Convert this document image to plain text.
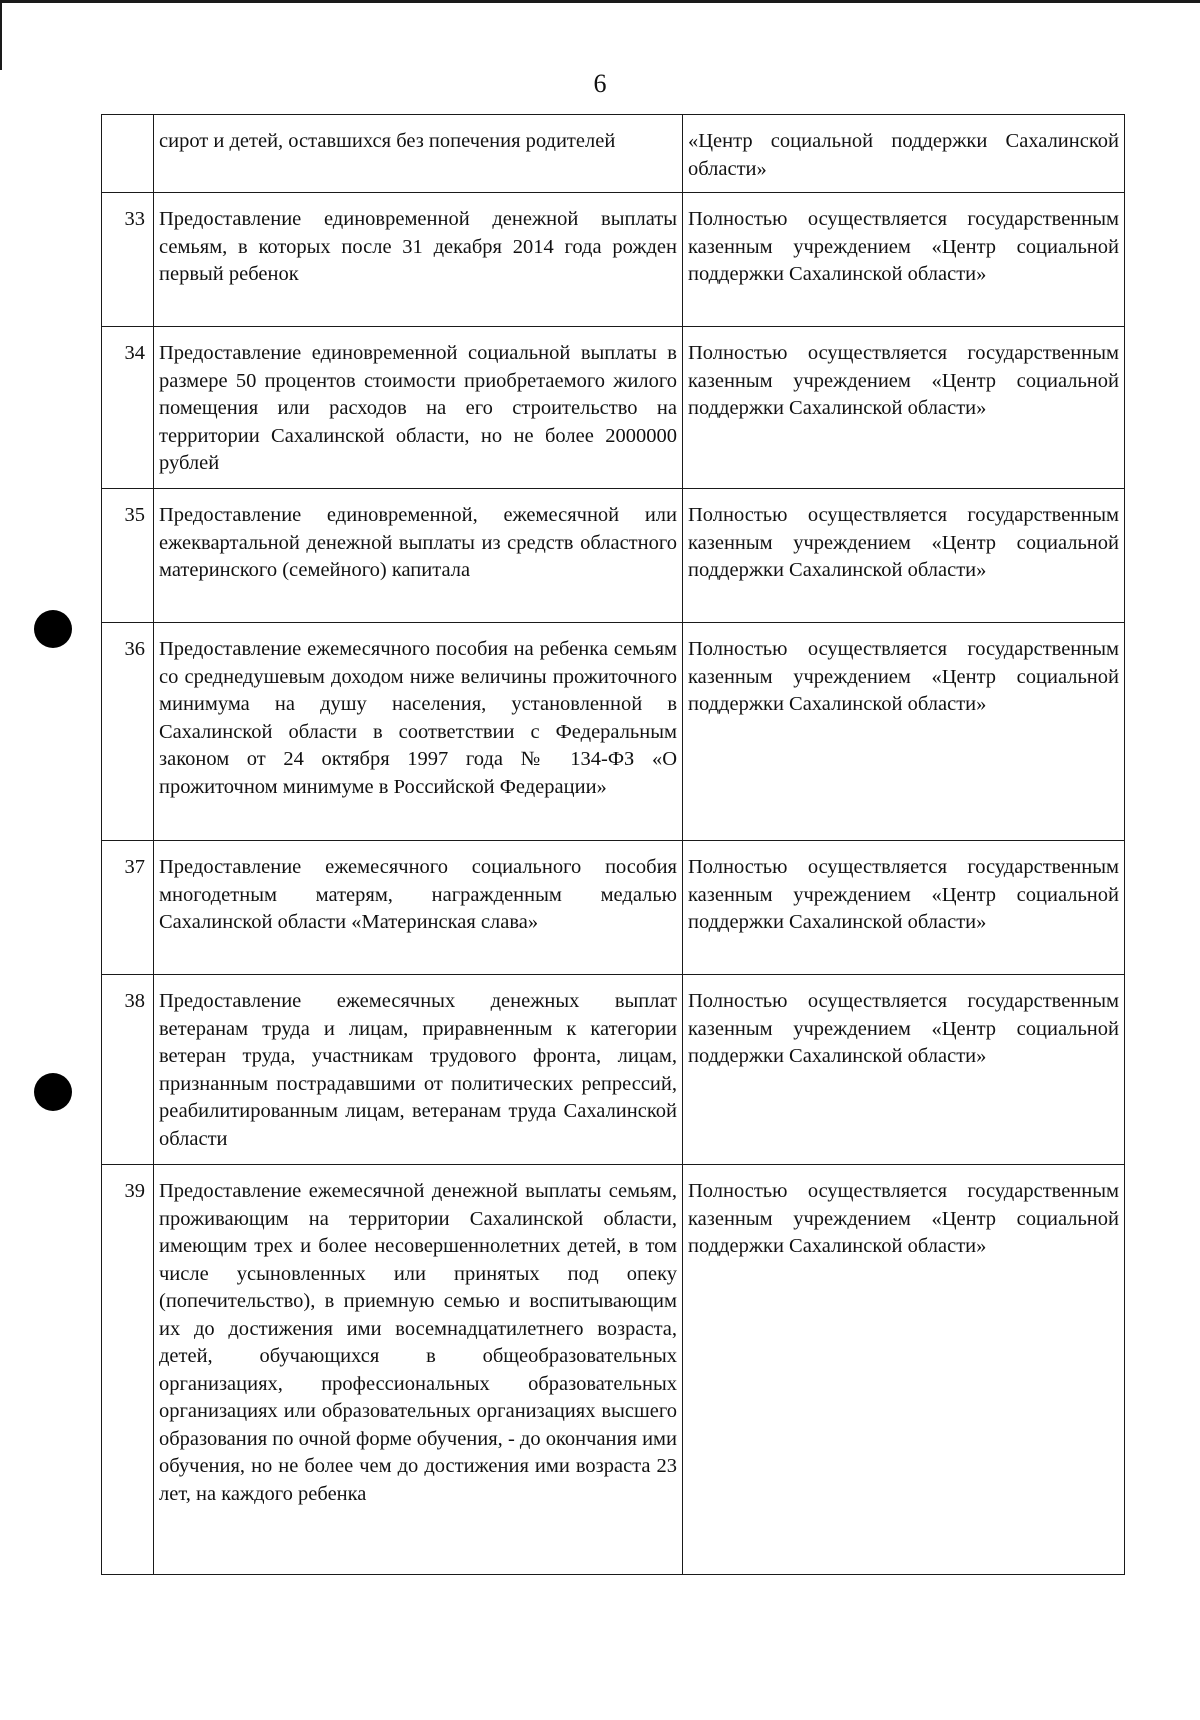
6
	сирот и детей, оставшихся без попечения родителей	«Центр социальной поддержки Сахалинской области»
33	Предоставление единовременной денежной выплаты семьям, в которых после 31 декабря 2014 года рожден первый ребенок	Полностью осуществляется государственным казенным учреждением «Центр социальной поддержки Сахалинской области»
34	Предоставление единовременной социальной выплаты в размере 50 процентов стоимости приобретаемого жилого помещения или расходов на его строительство на территории Сахалинской области, но не более 2000000 рублей	Полностью осуществляется государственным казенным учреждением «Центр социальной поддержки Сахалинской области»
35	Предоставление единовременной, ежемесячной или ежеквартальной денежной выплаты из средств областного материнского (семейного) капитала	Полностью осуществляется государственным казенным учреждением «Центр социальной поддержки Сахалинской области»
36	Предоставление ежемесячного пособия на ребенка семьям со среднедушевым доходом ниже величины прожиточного минимума на душу населения, установленной в Сахалинской области в соответствии с Федеральным законом от 24 октября 1997 года № 134-ФЗ «О прожиточном минимуме в Российской Федерации»	Полностью осуществляется государственным казенным учреждением «Центр социальной поддержки Сахалинской области»
37	Предоставление ежемесячного социального пособия многодетным матерям, награжденным медалью Сахалинской области «Материнская слава»	Полностью осуществляется государственным казенным учреждением «Центр социальной поддержки Сахалинской области»
38	Предоставление ежемесячных денежных выплат ветеранам труда и лицам, приравненным к категории ветеран труда, участникам трудового фронта, лицам, признанным пострадавшими от политических репрессий, реабилитированным лицам, ветеранам труда Сахалинской области	Полностью осуществляется государственным казенным учреждением «Центр социальной поддержки Сахалинской области»
39	Предоставление ежемесячной денежной выплаты семьям, проживающим на территории Сахалинской области, имеющим трех и более несовершеннолетних детей, в том числе усыновленных или принятых под опеку (попечительство), в приемную семью и воспитывающим их до достижения ими восемнадцатилетнего возраста, детей, обучающихся в общеобразовательных организациях, профессиональных образовательных организациях или образовательных организациях высшего образования по очной форме обучения, - до окончания ими обучения, но не более чем до достижения ими возраста 23 лет, на каждого ребенка	Полностью осуществляется государственным казенным учреждением «Центр социальной поддержки Сахалинской области»
